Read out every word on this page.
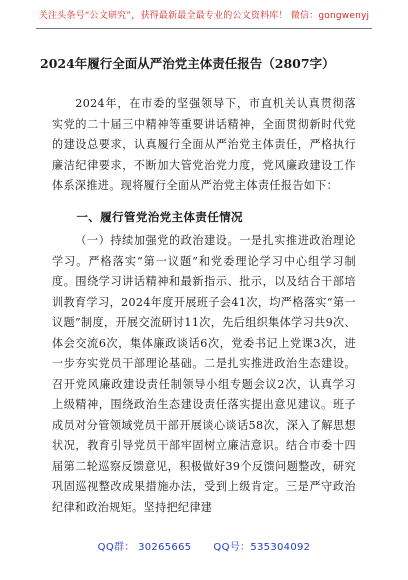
关注头条号“公文研究”，获得最新最全最专业的公文资料库！ 微信：gongwenyj
2024年履行全面从严治党主体责任报告（2807字）

2024年，在市委的坚强领导下，市直机关认真贯彻落实党的二十届三中精神等重要讲话精神，全面贯彻新时代党的建设总要求，认真履行全面从严治党主体责任，严格执行廉洁纪律要求，不断加大管党治党力度，党风廉政建设工作体系深推进。现将履行全面从严治党主体责任报告如下：

一、履行管党治党主体责任情况

（一）持续加强党的政治建设。一是扎实推进政治理论学习。严格落实“第一议题”和党委理论学习中心组学习制度。围绕学习讲话精神和最新指示、批示，以及结合干部培训教育学习，2024年度开展班子会41次，均严格落实“第一议题”制度，开展交流研讨11次，先后组织集体学习共9次、体会交流6次，集体廉政谈话6次，党委书记上党课3次，进一步夯实党员干部理论基础。二是扎实推进政治生态建设。召开党风廉政建设责任制领导小组专题会议2次，认真学习上级精神，围绕政治生态建设责任落实提出意见建议。班子成员对分管领域党员干部开展谈心谈话58次，深入了解思想状况，教育引导党员干部牢固树立廉洁意识。结合市委十四届第二轮巡察反馈意见，积极做好39个反馈问题整改，研究巩固巡视整改成果措施办法，受到上级肯定。三是严守政治纪律和政治规矩。坚持把纪律建

QQ群： 30265665 QQ号：535304092
